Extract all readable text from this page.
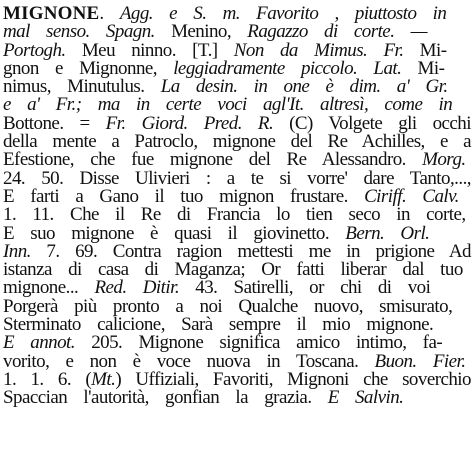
MIGNONE. Agg. e S. m. Favorito , piuttosto in
mal senso. Spagn. Menino, Ragazzo di corte. —
Portogh. Meu ninno. [T.] Non da Mimus. Fr. Mi-
gnon e Mignonne, leggiadramente piccolo. Lat. Mi-
nimus, Minutulus. La desin. in one è dim. a' Gr.
e a' Fr.; ma in certe voci agl'It. altresì, come in
Bottone. = Fr. Giord. Pred. R. (C) Volgete gli occhi
della mente a Patroclo, mignone del Re Achilles, e a
Efestione, che fue mignone del Re Alessandro. Morg.
24. 50. Disse Ulivieri : a te si vorre' dare Tanto,...,
E farti a Gano il tuo mignon frustare. Ciriff. Calv.
1. 11. Che il Re di Francia lo tien seco in corte,
E suo mignone è quasi il giovinetto. Bern. Orl.
Inn. 7. 69. Contra ragion mettesti me in prigione Ad
istanza di casa di Maganza; Or fatti liberar dal tuo
mignone... Red. Ditir. 43. Satirelli, or chi di voi
Porgerà più pronto a noi Qualche nuovo, smisurato,
Sterminato calicione, Sarà sempre il mio mignone.
E annot. 205. Mignone significa amico intimo, fa-
vorito, e non è voce nuova in Toscana. Buon. Fier.
1. 1. 6. (Mt.) Uffiziali, Favoriti, Mignoni che soverchio
Spaccian l'autorità, gonfian la grazia. E Salvin.
